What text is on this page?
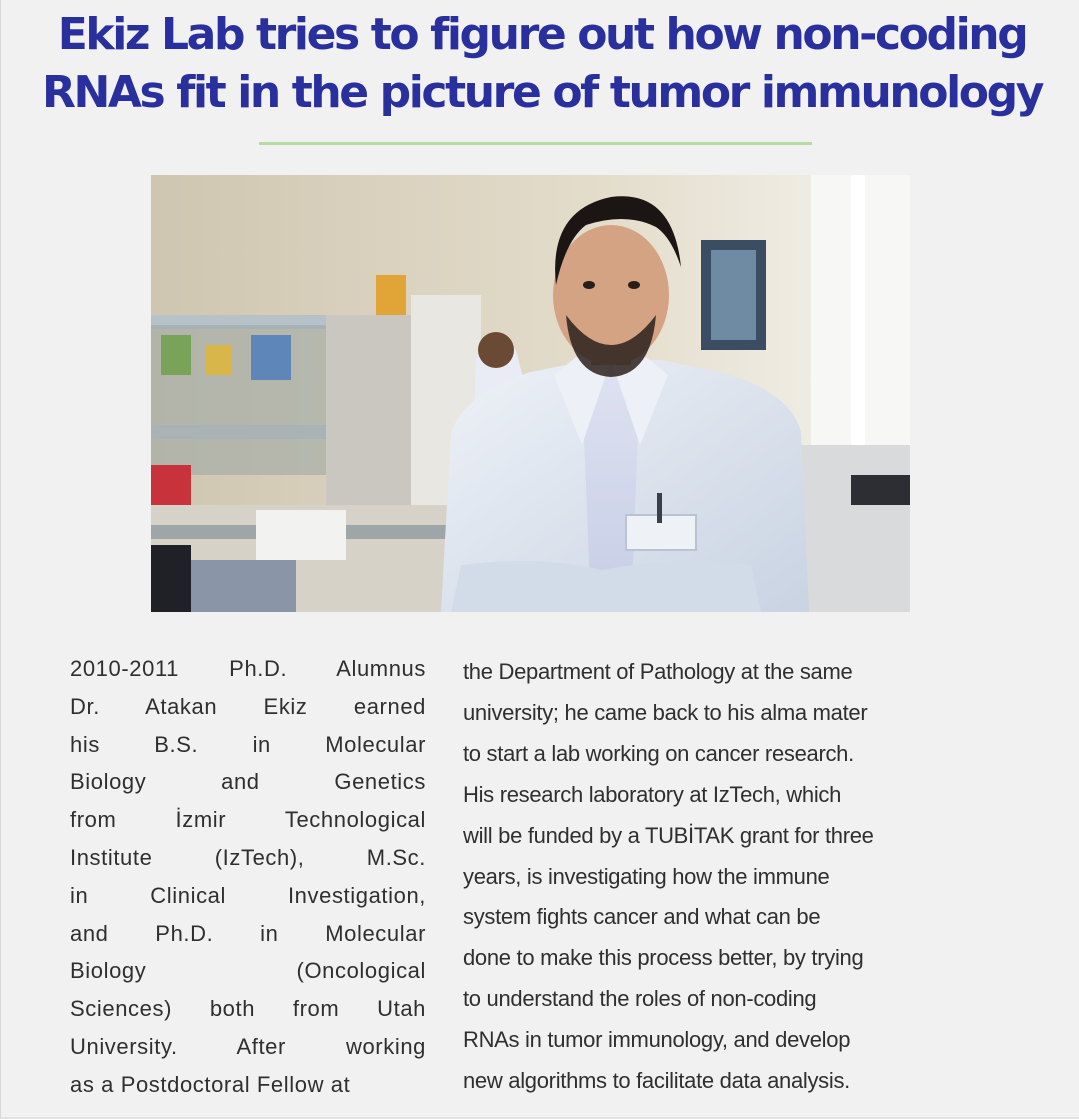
Ekiz Lab tries to figure out how non-coding
RNAs fit in the picture of tumor immunology
2010-2011 Ph.D. Alumnus
Dr. Atakan Ekiz earned
his B.S. in Molecular
Biology and Genetics
from İzmir Technological
Institute (IzTech), M.Sc.
in Clinical Investigation,
and Ph.D. in Molecular
Biology (Oncological
Sciences) both from Utah
University. After working
as a Postdoctoral Fellow at
the Department of Pathology at the same
university; he came back to his alma mater
to start a lab working on cancer research.
His research laboratory at IzTech, which
will be funded by a TUBİTAK grant for three
years, is investigating how the immune
system fights cancer and what can be
done to make this process better, by trying
to understand the roles of non-coding
RNAs in tumor immunology, and develop
new algorithms to facilitate data analysis.
